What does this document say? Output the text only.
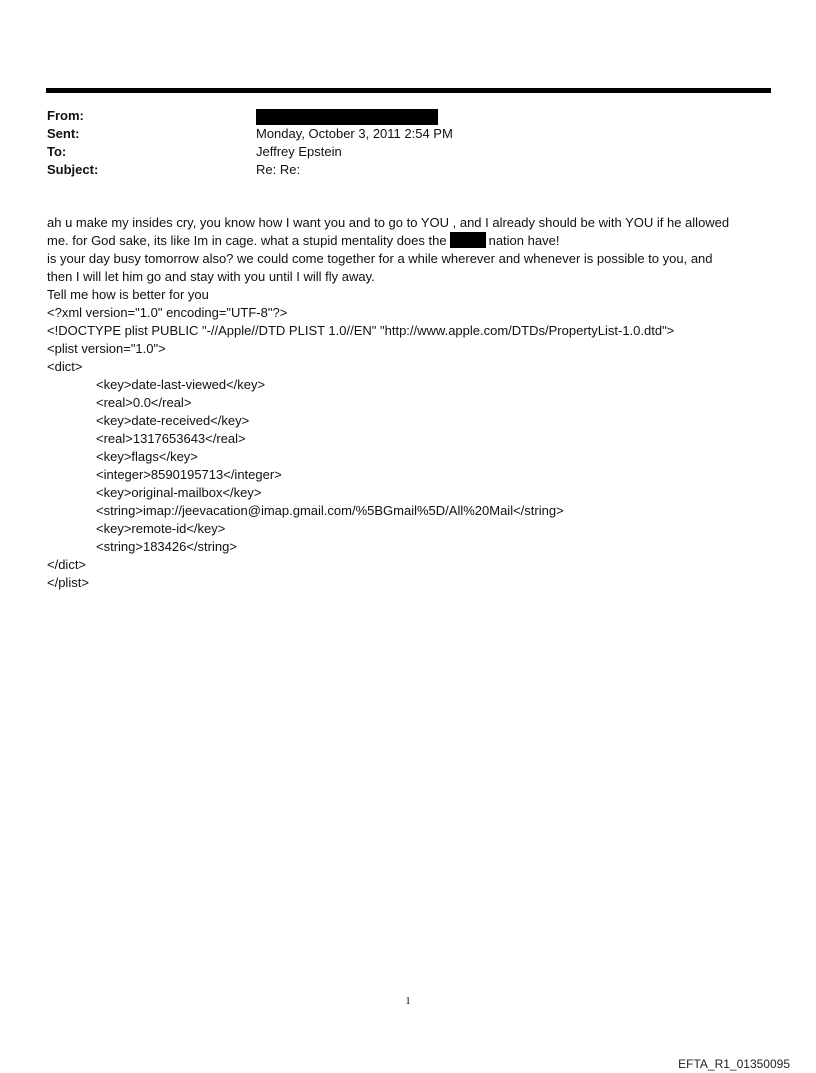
From:
Sent:	Monday, October 3, 2011 2:54 PM
To:	Jeffrey Epstein
Subject:	Re: Re:
ah u make my insides cry, you know how I want you and to go to YOU , and I already should be with YOU if he allowed
me. for God sake, its like Im in cage. what a stupid mentality does the	nation have!
is your day busy tomorrow also? we could come together for a while wherever and whenever is possible to you, and
then I will let him go and stay with you until I will fly away.
Tell me how is better for you
<?xml version="1.0" encoding="UTF-8"?>
<!DOCTYPE plist PUBLIC "-//Apple//DTD PLIST 1.0//EN" "http://www.apple.com/DTDs/PropertyList-1.0.dtd">
<plist version="1.0">
<dict>
<key>date-last-viewed</key>
<real>0.0</real>
<key>date-received</key>
<real>1317653643</real>
<key>flags</key>
<integer>8590195713</integer>
<key>original-mailbox</key>
<string>imap://jeevacation@imap.gmail.com/%5BGmail%5D/All%20Mail</string>
<key>remote-id</key>
<string>183426</string>
</dict>
</plist>
1
EFTA_R1_01350095
